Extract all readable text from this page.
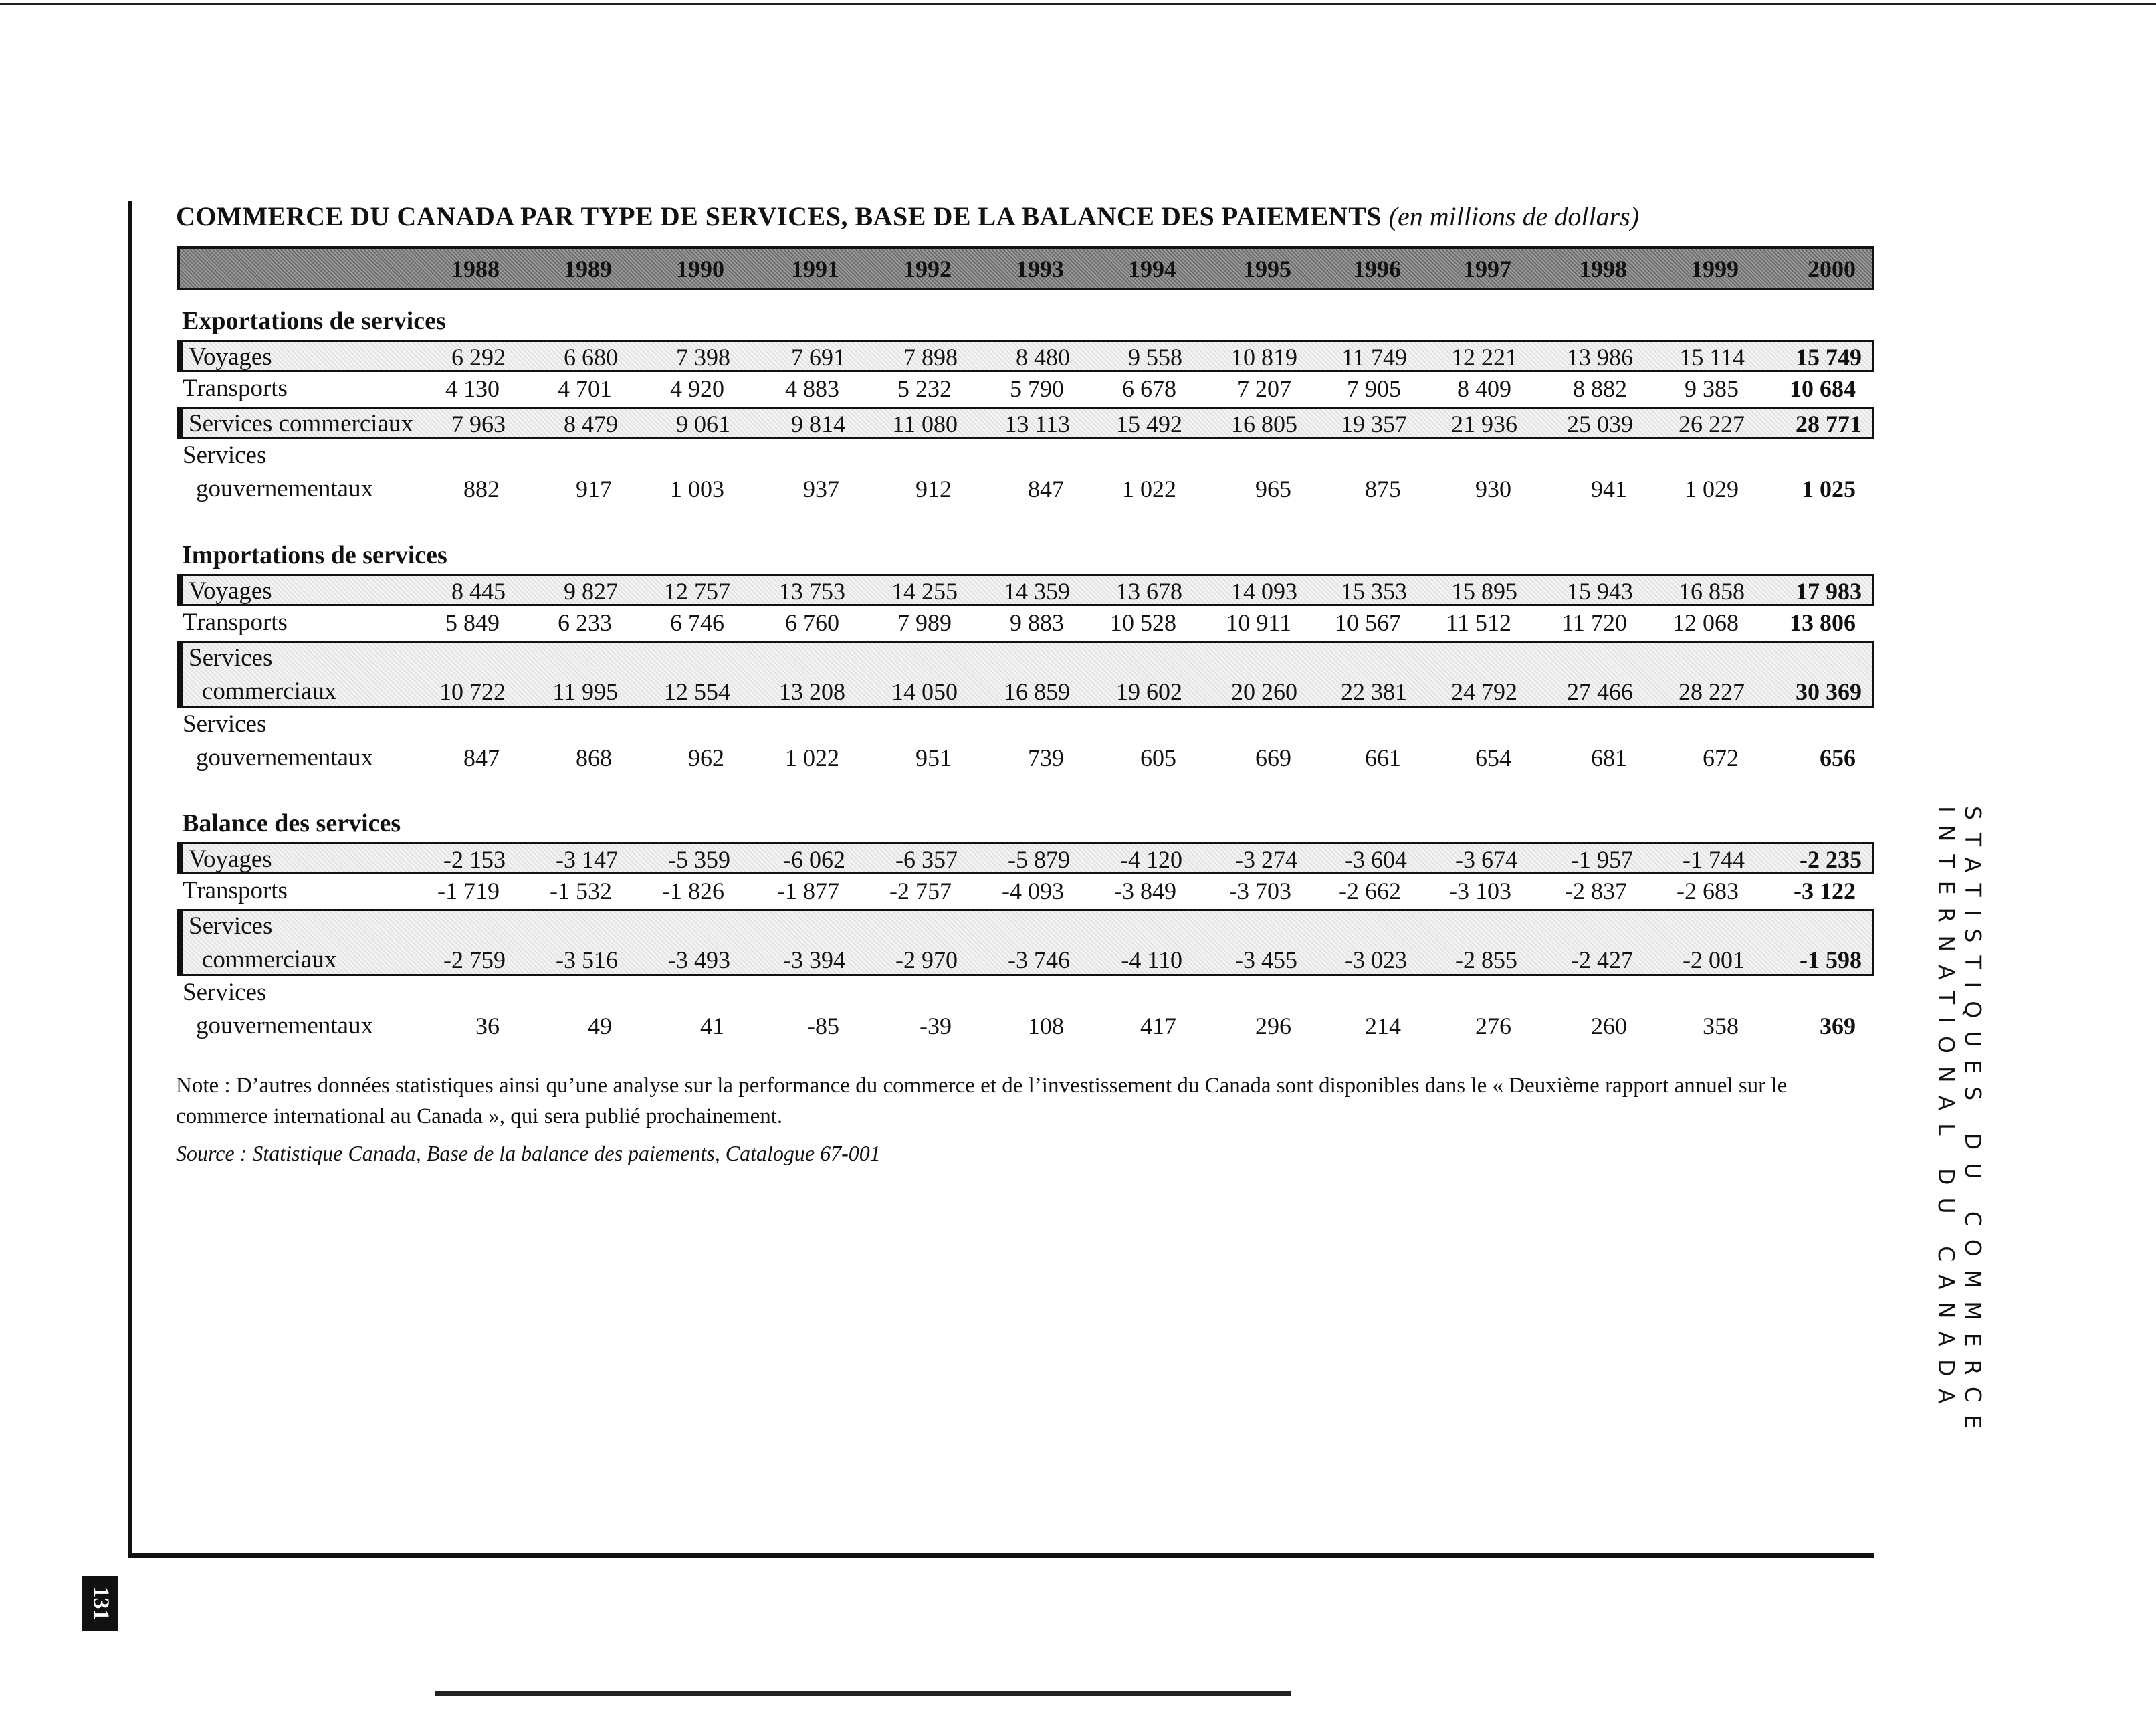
131
STATISTIQUES DU COMMERCE
INTERNATIONAL DU CANADA
COMMERCE DU CANADA PAR TYPE DE SERVICES, BASE DE LA BALANCE DES PAIEMENTS (en millions de dollars)
1988	1989	1990	1991	1992	1993	1994	1995	1996	1997	1998	1999	2000
Exportations de services
Voyages	6 292	6 680	7 398	7 691	7 898	8 480	9 558	10 819	11 749	12 221	13 986	15 114	15 749
Transports	4 130	4 701	4 920	4 883	5 232	5 790	6 678	7 207	7 905	8 409	8 882	9 385	10 684
Services commerciaux	7 963	8 479	9 061	9 814	11 080	13 113	15 492	16 805	19 357	21 936	25 039	26 227	28 771
Services
gouvernementaux	882	917	1 003	937	912	847	1 022	965	875	930	941	1 029	1 025
Importations de services
Voyages	8 445	9 827	12 757	13 753	14 255	14 359	13 678	14 093	15 353	15 895	15 943	16 858	17 983
Transports	5 849	6 233	6 746	6 760	7 989	9 883	10 528	10 911	10 567	11 512	11 720	12 068	13 806
Services
commerciaux	10 722	11 995	12 554	13 208	14 050	16 859	19 602	20 260	22 381	24 792	27 466	28 227	30 369
Services
gouvernementaux	847	868	962	1 022	951	739	605	669	661	654	681	672	656
Balance des services
Voyages	-2 153	-3 147	-5 359	-6 062	-6 357	-5 879	-4 120	-3 274	-3 604	-3 674	-1 957	-1 744	-2 235
Transports	-1 719	-1 532	-1 826	-1 877	-2 757	-4 093	-3 849	-3 703	-2 662	-3 103	-2 837	-2 683	-3 122
Services
commerciaux	-2 759	-3 516	-3 493	-3 394	-2 970	-3 746	-4 110	-3 455	-3 023	-2 855	-2 427	-2 001	-1 598
Services
gouvernementaux	36	49	41	-85	-39	108	417	296	214	276	260	358	369
Note : D’autres données statistiques ainsi qu’une analyse sur la performance du commerce et de l’investissement du Canada sont disponibles dans le « Deuxième rapport annuel sur le commerce international au Canada », qui sera publié prochainement.
Source : Statistique Canada, Base de la balance des paiements, Catalogue 67-001
